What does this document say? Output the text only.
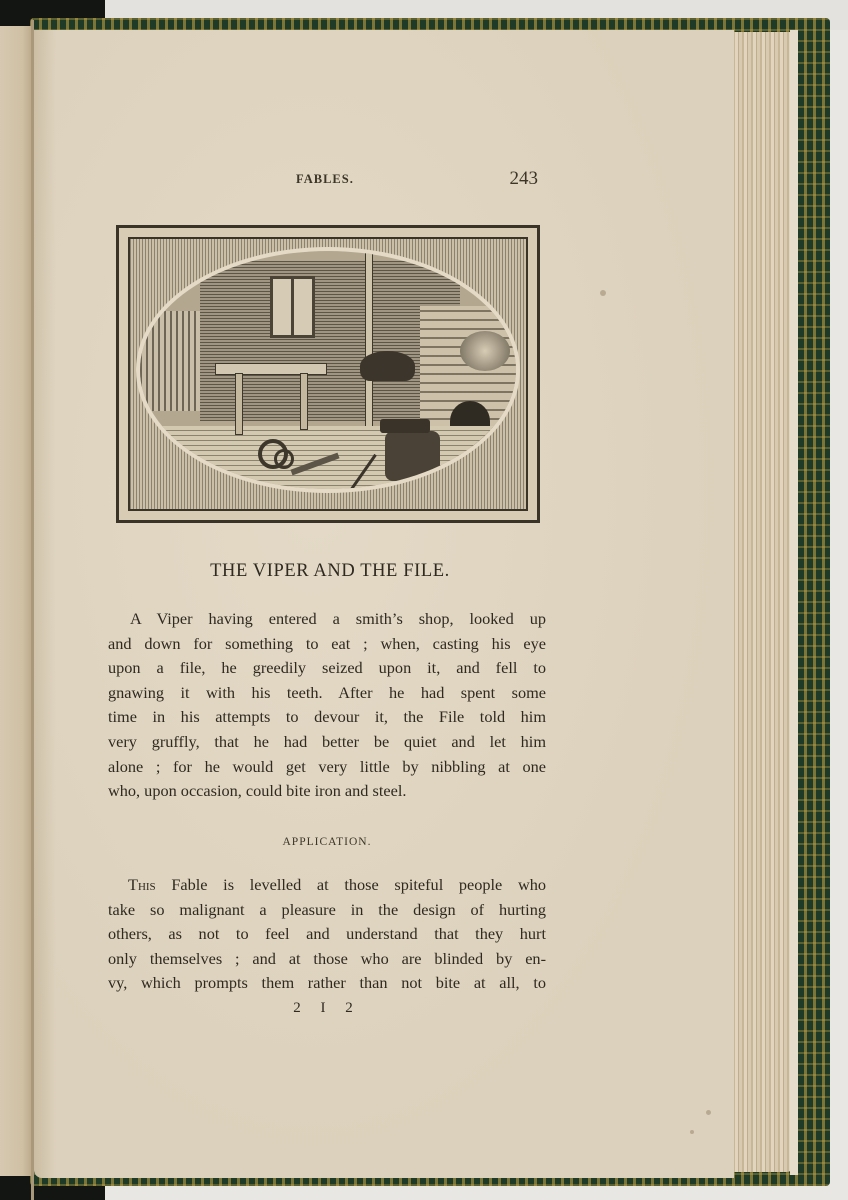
FABLES.	243
THE VIPER AND THE FILE.
A Viper having entered a smith’s shop, looked up
and down for something to eat ; when, casting his eye
upon a file, he greedily seized upon it, and fell to
gnawing it with his teeth. After he had spent some
time in his attempts to devour it, the File told him
very gruffly, that he had better be quiet and let him
alone ; for he would get very little by nibbling at one
who, upon occasion, could bite iron and steel.
APPLICATION.
This Fable is levelled at those spiteful people who
take so malignant a pleasure in the design of hurting
others, as not to feel and understand that they hurt
only themselves ; and at those who are blinded by en-
vy, which prompts them rather than not bite at all, to
2 I 2
